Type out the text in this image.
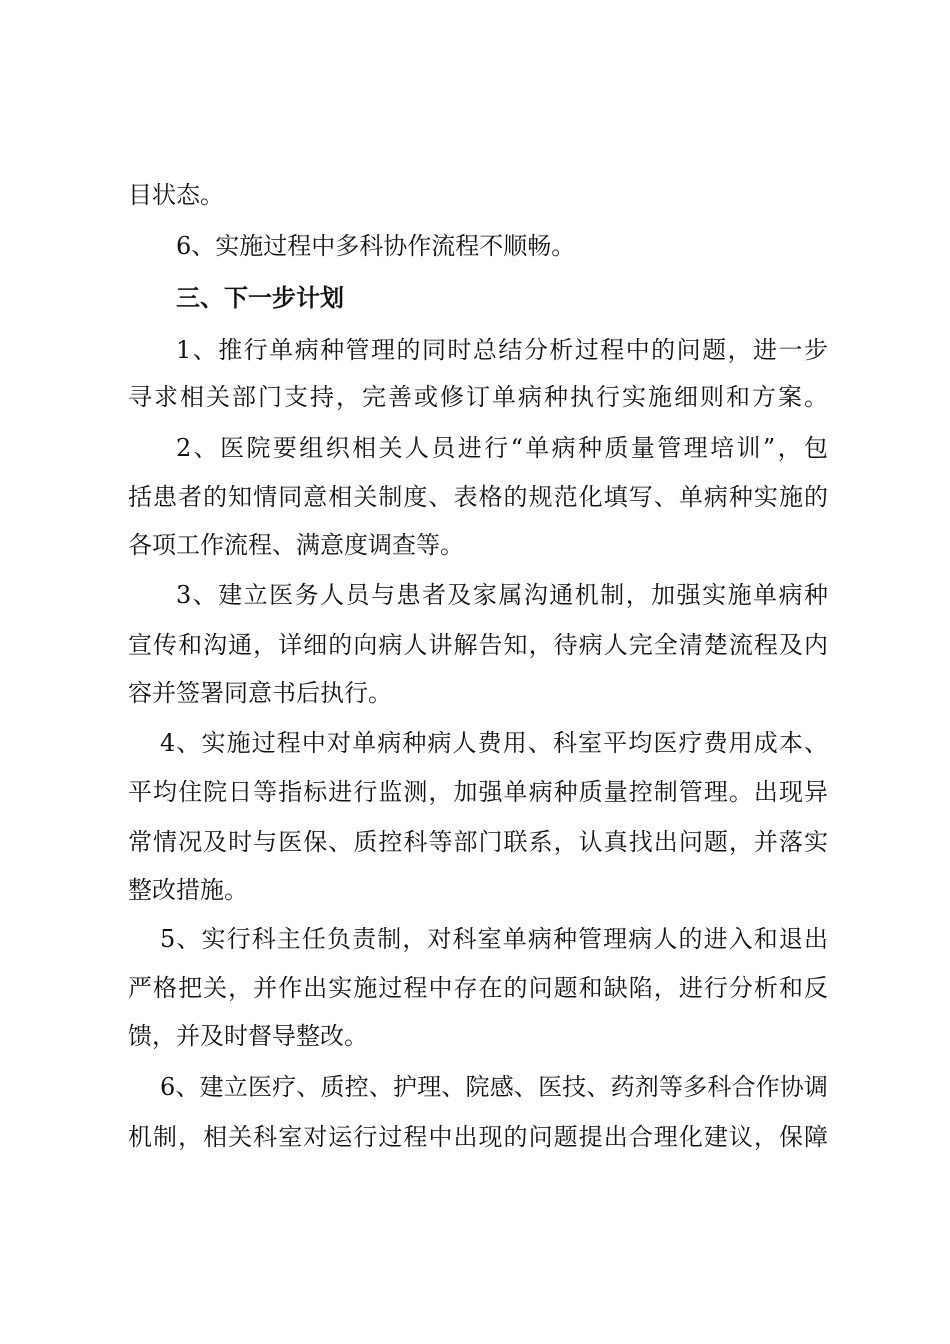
目状态。

6、实施过程中多科协作流程不顺畅。

三、下一步计划

1、推行单病种管理的同时总结分析过程中的问题，进一步

寻求相关部门支持，完善或修订单病种执行实施细则和方案。

2、医院要组织相关人员进行“单病种质量管理培训”，包

括患者的知情同意相关制度、表格的规范化填写、单病种实施的

各项工作流程、满意度调查等。

3、建立医务人员与患者及家属沟通机制，加强实施单病种

宣传和沟通，详细的向病人讲解告知，待病人完全清楚流程及内

容并签署同意书后执行。

4、实施过程中对单病种病人费用、科室平均医疗费用成本、

平均住院日等指标进行监测，加强单病种质量控制管理。出现异

常情况及时与医保、质控科等部门联系，认真找出问题，并落实

整改措施。

5、实行科主任负责制，对科室单病种管理病人的进入和退出

严格把关，并作出实施过程中存在的问题和缺陷，进行分析和反

馈，并及时督导整改。

6、建立医疗、质控、护理、院感、医技、药剂等多科合作协调

机制，相关科室对运行过程中出现的问题提出合理化建议，保障
